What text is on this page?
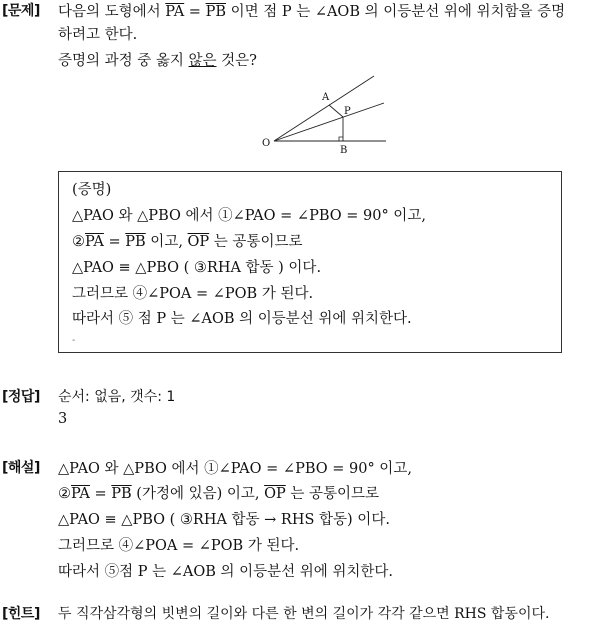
[문제] 다음의 도형에서 $\overline{PA} = \overline{PB}$ 이면 점 P 는 ∠AOB 의 이등분선 위에 위치함을 증명
하려고 한다.
증명의 과정 중 옳지 않은 것은?
O
A
P
B
(증명)
△PAO 와 △PBO 에서 ①∠PAO = ∠PBO = 90° 이고,
$②\overline{PA} = \overline{PB}$ 이고, $\overline{OP}$ 는 공통이므로
△PAO ≡ △PBO ( ③RHA 합동 ) 이다.
그러므로 ④∠POA = ∠POB 가 된다.
따라서 ⑤ 점 P 는 ∠AOB 의 이등분선 위에 위치한다.
-
[정답] 순서: 없음, 갯수: 1
3
[해설] △PAO 와 △PBO 에서 ①∠PAO = ∠PBO = 90° 이고,
$②\overline{PA} = \overline{PB}$ (가정에 있음) 이고, $\overline{OP}$ 는 공통이므로
△PAO ≡ △PBO ( ③RHA 합동 → RHS 합동) 이다.
그러므로 ④∠POA = ∠POB 가 된다.
따라서 ⑤점 P 는 ∠AOB 의 이등분선 위에 위치한다.
[힌트] 두 직각삼각형의 빗변의 길이와 다른 한 변의 길이가 각각 같으면 RHS 합동이다.
